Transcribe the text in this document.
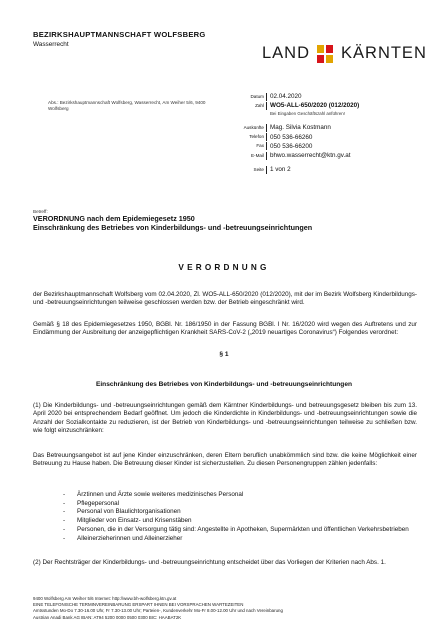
BEZIRKSHAUPTMANNSCHAFT WOLFSBERG
Wasserrecht	LAND KÄRNTEN
Abs.: Bezirkshauptmannschaft Wolfsberg, Wasserrecht, Am Weiher 5/6, 9400 Wolfsberg
Datum 02.04.2020
Zahl WO5-ALL-650/2020 (012/2020)
Bei Eingaben Geschäftszahl anführen!
Auskünfte Mag. Silvia Kostmann
Telefon 050 536-66260
Fax 050 536-66200
E-Mail bhwo.wasserrecht@ktn.gv.at
Seite 1 von 2
Betreff:
VERORDNUNG nach dem Epidemiegesetz 1950
Einschränkung des Betriebes von Kinderbildungs- und -betreuungseinrichtungen
VERORDNUNG
der Bezirkshauptmannschaft Wolfsberg vom 02.04.2020, Zl. WO5-ALL-650/2020 (012/2020), mit der im Bezirk Wolfsberg Kinderbildungs- und -betreuungseinrichtungen teilweise geschlossen werden bzw. der Betrieb eingeschränkt wird.
Gemäß § 18 des Epidemiegesetzes 1950, BGBl. Nr. 186/1950 in der Fassung BGBl. I Nr. 16/2020 wird wegen des Auftretens und zur Eindämmung der Ausbreitung der anzeigepflichtigen Krankheit SARS-CoV-2 („2019 neuartiges Coronavirus“) Folgendes verordnet:
§ 1
Einschränkung des Betriebes von Kinderbildungs- und -betreuungseinrichtungen
(1) Die Kinderbildungs- und -betreuungseinrichtungen gemäß dem Kärntner Kinderbildungs- und betreuungsgesetz bleiben bis zum 13. April 2020 bei entsprechendem Bedarf geöffnet. Um jedoch die Kinderdichte in Kinderbildungs- und -betreuungseinrichtungen sowie die Anzahl der Sozialkontakte zu reduzieren, ist der Betrieb von Kinderbildungs- und -betreuungseinrichtungen teilweise zu schließen bzw. wie folgt einzuschränken:
Das Betreuungsangebot ist auf jene Kinder einzuschränken, deren Eltern beruflich unabkömmlich sind bzw. die keine Möglichkeit einer Betreuung zu Hause haben. Die Betreuung dieser Kinder ist sicherzustellen. Zu diesen Personengruppen zählen jedenfalls:
- Ärztinnen und Ärzte sowie weiteres medizinisches Personal
- Pflegepersonal
- Personal von Blaulichtorganisationen
- Mitglieder von Einsatz- und Krisenstäben
- Personen, die in der Versorgung tätig sind: Angestellte in Apotheken, Supermärkten und öffentlichen Verkehrsbetrieben
- Alleinerzieherinnen und Alleinerzieher
(2) Der Rechtsträger der Kinderbildungs- und -betreuungseinrichtung entscheidet über das Vorliegen der Kriterien nach Abs. 1.
9400 Wolfsberg Am Weiher 5/6 Internet: http://www.bh-wolfsberg.ktn.gv.at
EINE TELEFONISCHE TERMINVEREINBARUNG ERSPART IHNEN BEI VORSPRACHEN WARTEZEITEN
Amtsstunden Mo-Do 7.30-16.00 Uhr, Fr 7.30-13.00 Uhr; Parteien-, Kundenverkehr Mo-Fr 8.00-12.00 Uhr und nach Vereinbarung
Austrian Anadi Bank AG IBAN: AT94 5200 0000 0500 0300 BIC: HAABAT2K
